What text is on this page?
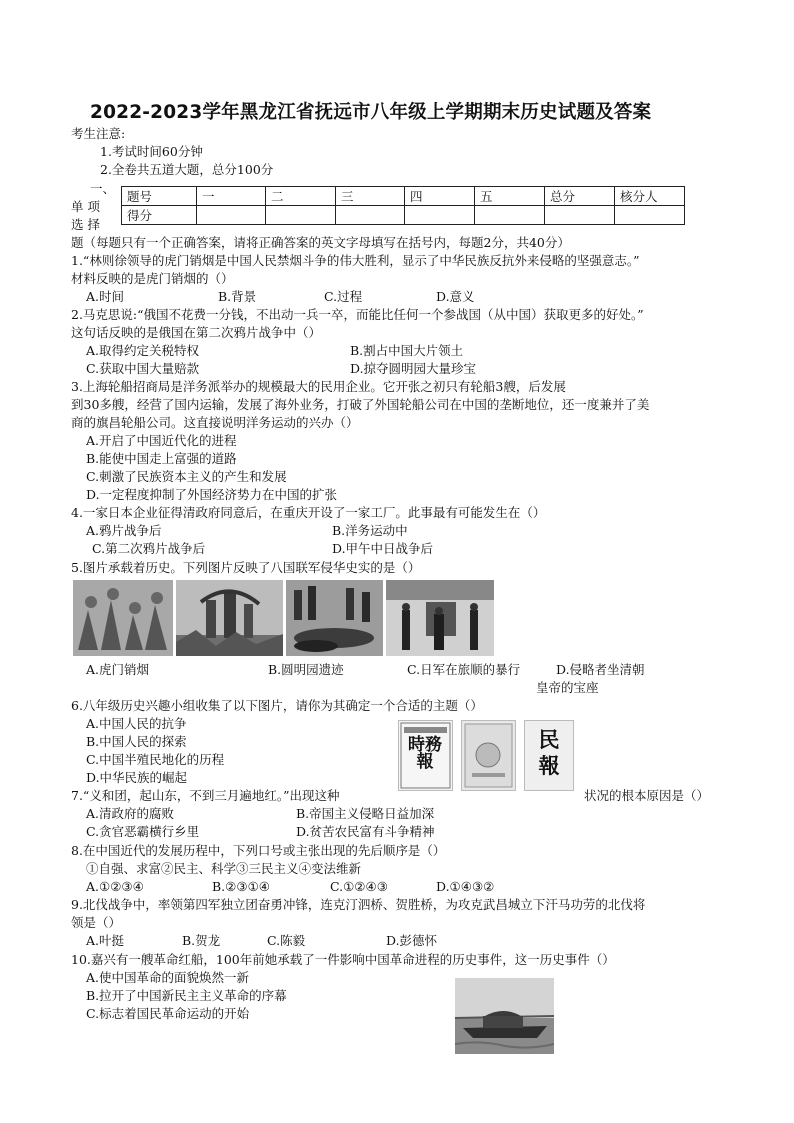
2022-2023学年黑龙江省抚远市八年级上学期期末历史试题及答案
考生注意:
1.考试时间60分钟
2.全卷共五道大题，总分100分
一、
单 项
选 择
题号	一	二	三	四	五	总分	核分人
得分							
题（每题只有一个正确答案，请将正确答案的英文字母填写在括号内，每题2分，共40分）
1.“林则徐领导的虎门销烟是中国人民禁烟斗争的伟大胜利，显示了中华民族反抗外来侵略的坚强意志。”
材料反映的是虎门销烟的（）
A.时间	B.背景	C.过程	D.意义
2.马克思说:“俄国不花费一分钱，不出动一兵一卒，而能比任何一个参战国（从中国）获取更多的好处。”
这句话反映的是俄国在第二次鸦片战争中（）
A.取得约定关税特权	B.割占中国大片领土
C.获取中国大量赔款	D.掠夺圆明园大量珍宝
3.上海轮船招商局是洋务派举办的规模最大的民用企业。它开张之初只有轮船3艘，后发展
到30多艘，经营了国内运输，发展了海外业务，打破了外国轮船公司在中国的垄断地位，还一度兼并了美
商的旗昌轮船公司。这直接说明洋务运动的兴办（）
A.开启了中国近代化的进程
B.能使中国走上富强的道路
C.刺激了民族资本主义的产生和发展
D.一定程度抑制了外国经济势力在中国的扩张
4.一家日本企业征得清政府同意后，在重庆开设了一家工厂。此事最有可能发生在（）
A.鸦片战争后	B.洋务运动中
C.第二次鸦片战争后	D.甲午中日战争后
5.图片承载着历史。下列图片反映了八国联军侵华史实的是（）
A.虎门销烟	B.圆明园遗迹	C.日军在旅顺的暴行	D.侵略者坐清朝
皇帝的宝座
6.八年级历史兴趣小组收集了以下图片，请你为其确定一个合适的主题（）
A.中国人民的抗争
B.中国人民的探索
C.中国半殖民地化的历程
D.中华民族的崛起
時務報
民報
7.“义和团，起山东，不到三月遍地红。”出现这种	状况的根本原因是（）
A.清政府的腐败	B.帝国主义侵略日益加深
C.贪官恶霸横行乡里	D.贫苦农民富有斗争精神
8.在中国近代的发展历程中，下列口号或主张出现的先后顺序是（）
①自强、求富②民主、科学③三民主义④变法维新
A.①②③④	B.②③①④	C.①②④③	D.①④③②
9.北伐战争中，率领第四军独立团奋勇冲锋，连克汀泗桥、贺胜桥，为攻克武昌城立下汗马功劳的北伐将
领是（）
A.叶挺	B.贺龙	C.陈毅	D.彭德怀
10.嘉兴有一艘革命红船，100年前她承载了一件影响中国革命进程的历史事件，这一历史事件（）
A.使中国革命的面貌焕然一新
B.拉开了中国新民主主义革命的序幕
C.标志着国民革命运动的开始
